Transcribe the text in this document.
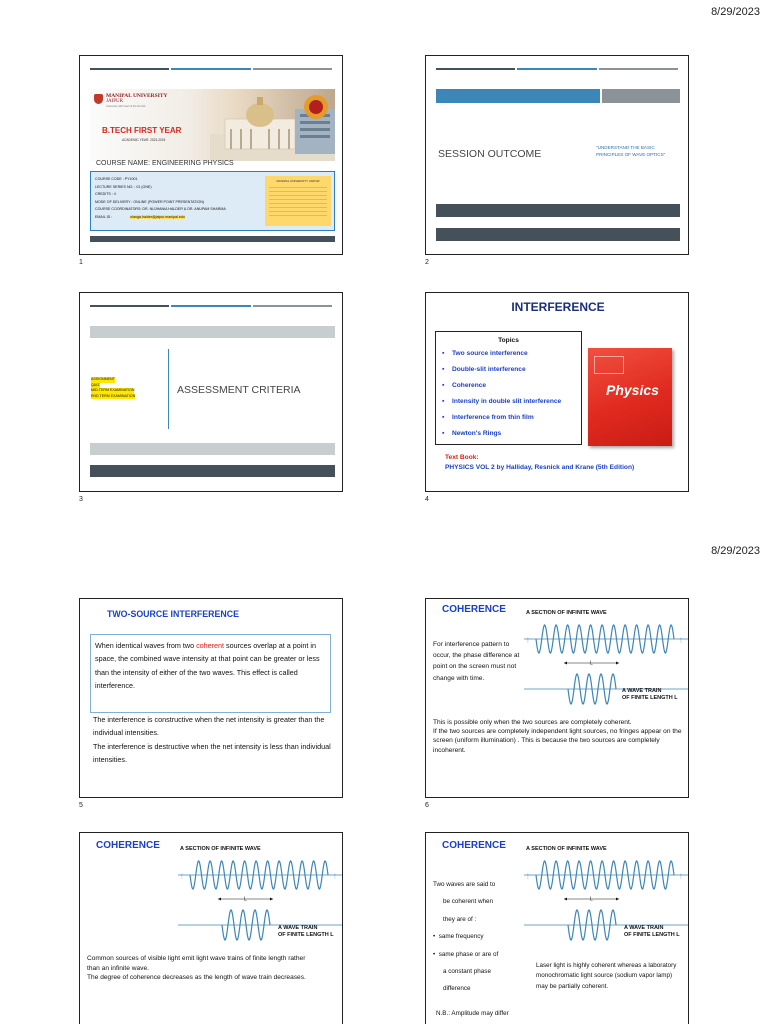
8/29/2023
8/29/2023
MANIPAL UNIVERSITY
JAIPUR
University with heart of the first list
B.TECH FIRST YEAR
ACADEMIC YEAR: 2023-2024
COURSE NAME: ENGINEERING PHYSICS
COURSE CODE : PY1001
LECTURE SERIES NO. : 01 (ONE)
CREDITS : 4
MODE OF DELIVERY : ONLINE (POWER POINT PRESENTATION)
COURSE COORDINATORS: DR. NUJHANIA HALDER & DR. ANUPAM SHARMA
EMAIL ID :	nlanga.halder@jaipur.manipal.edu
MANIPAL UNIVERSITY JAIPUR
1
SESSION OUTCOME
"UNDERSTAND THE BASIC
PRINCIPLES OF WAVE OPTICS"
2
ASSIGNMENT
QUIZ
MID-TERM EXAMINATION
END TERM EXAMINATION	ASSESSMENT CRITERIA
3
INTERFERENCE
Topics
▪ Two source interference
▪ Double-slit interference
▪ Coherence
▪ Intensity in double slit interference
▪ Interference from thin film
▪ Newton's Rings
Physics
Text Book:
PHYSICS VOL 2 by Halliday, Resnick and Krane (5th Edition)
4
TWO-SOURCE INTERFERENCE
When identical waves from two coherent sources overlap at a point in space, the combined wave intensity at that point can be greater or less than the intensity of either of the two waves. This effect is called interference.
The interference is constructive when the net intensity is greater than the individual intensities.
The interference is destructive when the net intensity is less than individual intensities.
5
COHERENCE	A SECTION OF INFINITE WAVE
⋮	⋮
L
A WAVE TRAIN
OF FINITE LENGTH L
For interference pattern to occur, the phase difference at point on the screen must not change with time.
This is possible only when the two sources are completely coherent.
If the two sources are completely independent light sources, no fringes appear on the screen (uniform illumination) . This is because the two sources are completely incoherent.
6
COHERENCE	A SECTION OF INFINITE WAVE
⋮	⋮
L
A WAVE TRAIN
OF FINITE LENGTH L
Common sources of visible light emit light wave trains of finite length rather than an infinite wave.
The degree of coherence decreases as the length of wave train decreases.
COHERENCE	A SECTION OF INFINITE WAVE
⋮	⋮
L
A WAVE TRAIN
OF FINITE LENGTH L
Two waves are said to
be coherent when
they are of :
•  same frequency
•  same phase or are of
a constant phase
difference
Laser light is highly coherent whereas a laboratory monochromatic light source (sodium vapor lamp) may be partially coherent.
N.B.: Amplitude may differ
